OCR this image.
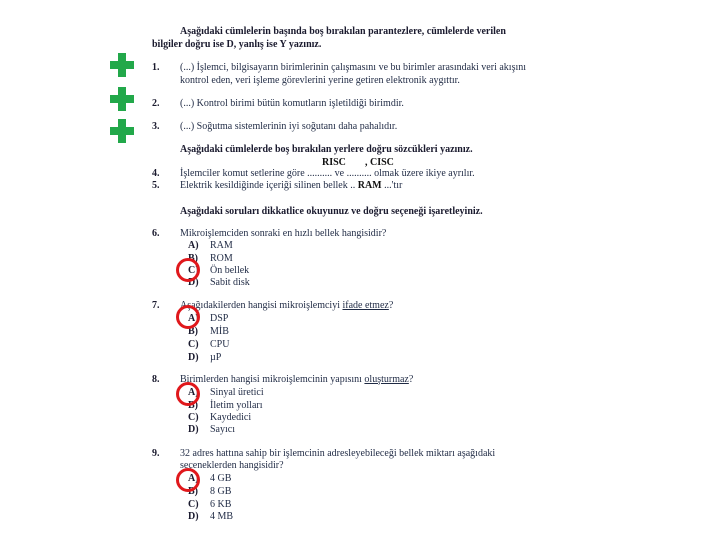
Aşağıdaki cümlelerin başında boş bırakılan parantezlere, cümlelerde verilen
bilgiler doğru ise D, yanlış ise Y yazınız.
1. (...) İşlemci, bilgisayarın birimlerinin çalışmasını ve bu birimler arasındaki veri akışını
kontrol eden, veri işleme görevlerini yerine getiren elektronik aygıttır.
2. (...) Kontrol birimi bütün komutların işletildiği birimdir.
3. (...) Soğutma sistemlerinin iyi soğutanı daha pahalıdır.
Aşağıdaki cümlelerde boş bırakılan yerlere doğru sözcükleri yazınız.
RISC , CISC
4. İşlemciler komut setlerine göre .......... ve .......... olmak üzere ikiye ayrılır.
5. Elektrik kesildiğinde içeriği silinen bellek .. RAM ...'tır
Aşağıdaki soruları dikkatlice okuyunuz ve doğru seçeneği işaretleyiniz.
6. Mikroişlemciden sonraki en hızlı bellek hangisidir?
A) RAM
B) ROM
C) Ön bellek
D) Sabit disk
7. Aşağıdakilerden hangisi mikroişlemciyi ifade etmez?
A) DSP
B) MİB
C) CPU
D) µP
8. Birimlerden hangisi mikroişlemcinin yapısını oluşturmaz?
A) Sinyal üretici
B) İletim yolları
C) Kaydedici
D) Sayıcı
9. 32 adres hattına sahip bir işlemcinin adresleyebileceği bellek miktarı aşağıdaki
seçeneklerden hangisidir?
A) 4 GB
B) 8 GB
C) 6 KB
D) 4 MB
